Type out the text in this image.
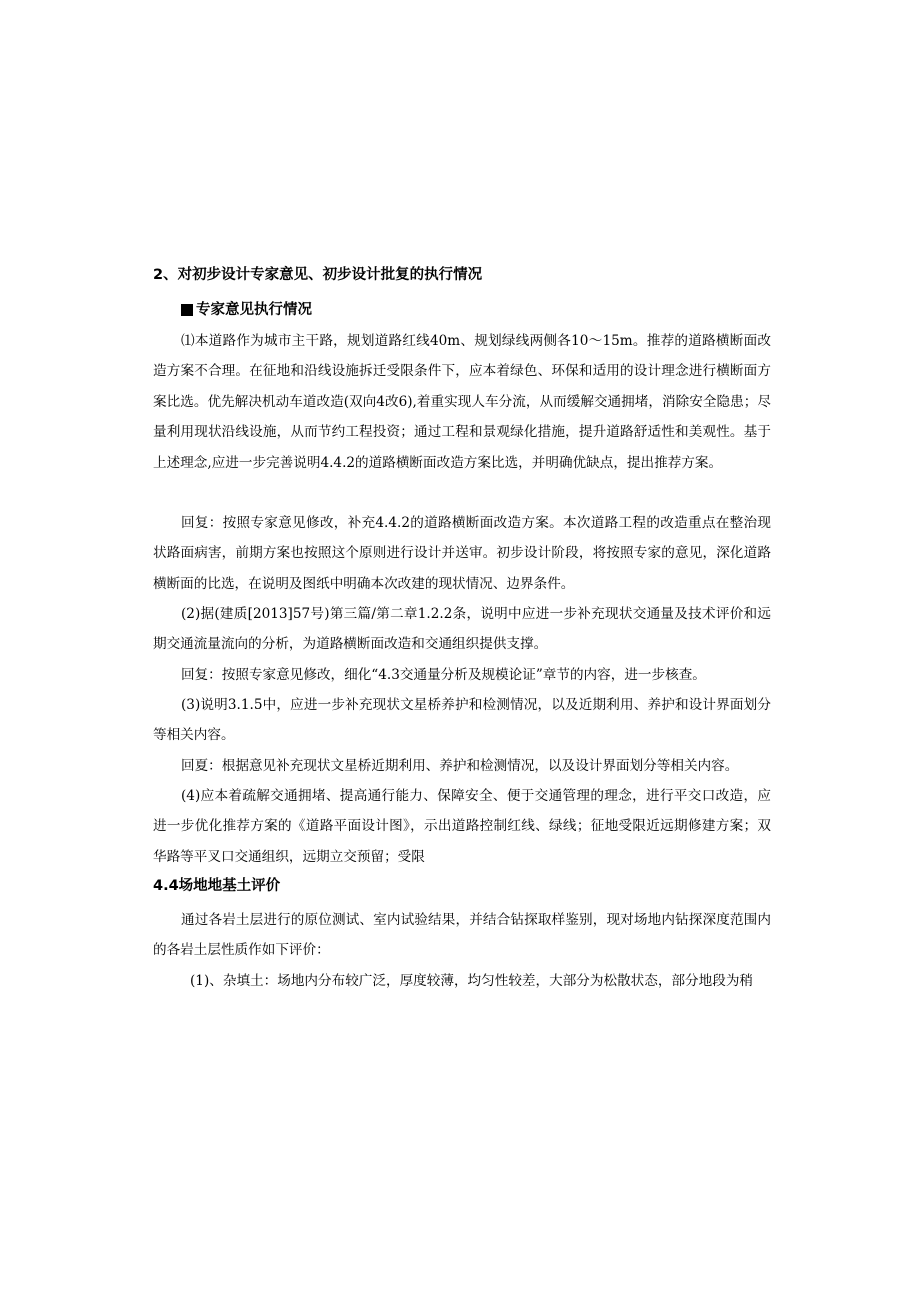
2、对初步设计专家意见、初步设计批复的执行情况
专家意见执行情况

⑴本道路作为城市主干路，规划道路红线40m、规划绿线两侧各10～15m。推荐的道路横断面改造方案不合理。在征地和沿线设施拆迁受限条件下，应本着绿色、环保和适用的设计理念进行横断面方案比选。优先解决机动车道改造(双向4改6),着重实现人车分流，从而缓解交通拥堵，消除安全隐患；尽量利用现状沿线设施，从而节约工程投资；通过工程和景观绿化措施，提升道路舒适性和美观性。基于上述理念,应进一步完善说明4.4.2的道路横断面改造方案比选，并明确优缺点，提出推荐方案。

回复：按照专家意见修改，补充4.4.2的道路横断面改造方案。本次道路工程的改造重点在整治现状路面病害，前期方案也按照这个原则进行设计并送审。初步设计阶段，将按照专家的意见，深化道路横断面的比选，在说明及图纸中明确本次改建的现状情况、边界条件。

(2)据(建质[2013]57号)第三篇/第二章1.2.2条，说明中应进一步补充现状交通量及技术评价和远期交通流量流向的分析，为道路横断面改造和交通组织提供支撑。

回复：按照专家意见修改，细化“4.3交通量分析及规模论证”章节的内容，进一步核查。

(3)说明3.1.5中，应进一步补充现状文星桥养护和检测情况，以及近期利用、养护和设计界面划分等相关内容。

回夏：根据意见补充现状文星桥近期利用、养护和检测情况，以及设计界面划分等相关内容。

(4)应本着疏解交通拥堵、提高通行能力、保障安全、便于交通管理的理念，进行平交口改造，应进一步优化推荐方案的《道路平面设计图》，示出道路控制红线、绿线；征地受限近远期修建方案；双华路等平叉口交通组织，远期立交预留；受限

4.4场地地基土评价

通过各岩土层进行的原位测试、室内试验结果，并结合钻探取样鉴别，现对场地内钻探深度范围内的各岩土层性质作如下评价：

(1)、杂填土：场地内分布较广泛，厚度较薄，均匀性较差，大部分为松散状态，部分地段为稍
